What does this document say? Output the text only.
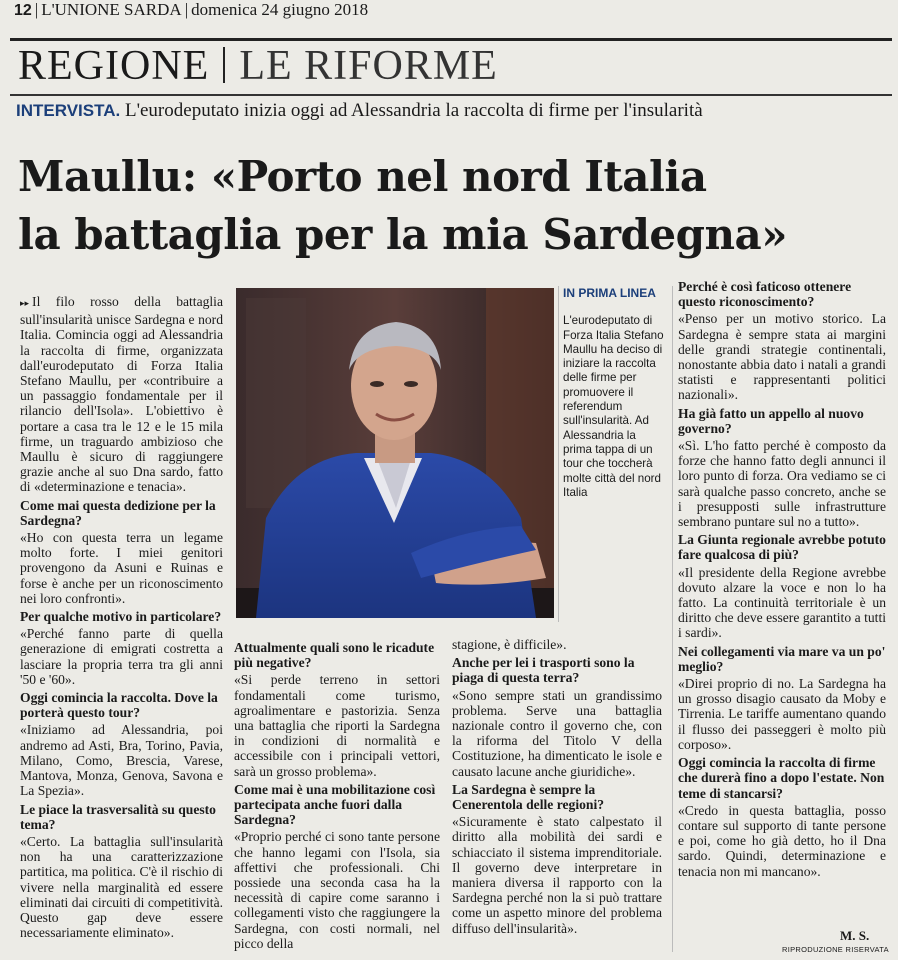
12 | L'UNIONE SARDA | domenica 24 giugno 2018
REGIONE LE RIFORME
INTERVISTA. L'eurodeputato inizia oggi ad Alessandria la raccolta di firme per l'insularità
Maullu: «Porto nel nord Italia
la battaglia per la mia Sardegna»

▸▸ Il filo rosso della battaglia sull'insularità unisce Sardegna e nord Italia. Comincia oggi ad Alessandria la raccolta di firme, organizzata dall'eurodeputato di Forza Italia Stefano Maullu, per «contribuire a un passaggio fondamentale per il rilancio dell'Isola». L'obiettivo è portare a casa tra le 12 e le 15 mila firme, un traguardo ambizioso che Maullu è sicuro di raggiungere grazie anche al suo Dna sardo, fatto di «determinazione e tenacia».

Come mai questa dedizione per la Sardegna?

«Ho con questa terra un legame molto forte. I miei genitori provengono da Asuni e Ruinas e forse è anche per un riconoscimento nei loro confronti».

Per qualche motivo in particolare?

«Perché fanno parte di quella generazione di emigrati costretta a lasciare la propria terra tra gli anni '50 e '60».

Oggi comincia la raccolta. Dove la porterà questo tour?

«Iniziamo ad Alessandria, poi andremo ad Asti, Bra, Torino, Pavia, Milano, Como, Brescia, Varese, Mantova, Monza, Genova, Savona e La Spezia».

Le piace la trasversalità su questo tema?

«Certo. La battaglia sull'insularità non ha una caratterizzazione partitica, ma politica. C'è il rischio di vivere nella marginalità ed essere eliminati dai circuiti di competitività. Questo gap deve essere necessariamente eliminato».

IN PRIMA LINEA
L'eurodeputato di Forza Italia Stefano Maullu ha deciso di iniziare la raccolta delle firme per promuovere il referendum sull'insularità. Ad Alessandria la prima tappa di un tour che toccherà molte città del nord Italia

Attualmente quali sono le ricadute più negative?

«Si perde terreno in settori fondamentali come turismo, agroalimentare e pastorizia. Senza una battaglia che riporti la Sardegna in condizioni di normalità e accessibile con i principali vettori, sarà un grosso problema».

Come mai è una mobilitazione così partecipata anche fuori dalla Sardegna?

«Proprio perché ci sono tante persone che hanno legami con l'Isola, sia affettivi che professionali. Chi possiede una seconda casa ha la necessità di capire come saranno i collegamenti visto che raggiungere la Sardegna, con costi normali, nel picco della

stagione, è difficile».

Anche per lei i trasporti sono la piaga di questa terra?

«Sono sempre stati un grandissimo problema. Serve una battaglia nazionale contro il governo che, con la riforma del Titolo V della Costituzione, ha dimenticato le isole e causato lacune anche giuridiche».

La Sardegna è sempre la Cenerentola delle regioni?

«Sicuramente è stato calpestato il diritto alla mobilità dei sardi e schiacciato il sistema imprenditoriale. Il governo deve interpretare in maniera diversa il rapporto con la Sardegna perché non la si può trattare come un aspetto minore del problema diffuso dell'insularità».

Perché è così faticoso ottenere questo riconoscimento?

«Penso per un motivo storico. La Sardegna è sempre stata ai margini delle grandi strategie continentali, nonostante abbia dato i natali a grandi statisti e rappresentanti politici nazionali».

Ha già fatto un appello al nuovo governo?

«Sì. L'ho fatto perché è composto da forze che hanno fatto degli annunci il loro punto di forza. Ora vediamo se ci sarà qualche passo concreto, anche se i presupposti sulle infrastrutture sembrano puntare sul no a tutto».

La Giunta regionale avrebbe potuto fare qualcosa di più?

«Il presidente della Regione avrebbe dovuto alzare la voce e non lo ha fatto. La continuità territoriale è un diritto che deve essere garantito a tutti i sardi».

Nei collegamenti via mare va un po' meglio?

«Direi proprio di no. La Sardegna ha un grosso disagio causato da Moby e Tirrenia. Le tariffe aumentano quando il flusso dei passeggeri è molto più corposo».

Oggi comincia la raccolta di firme che durerà fino a dopo l'estate. Non teme di stancarsi?

«Credo in questa battaglia, posso contare sul supporto di tante persone e poi, come ho già detto, ho il Dna sardo. Quindi, determinazione e tenacia non mi mancano».

M. S.
RIPRODUZIONE RISERVATA
